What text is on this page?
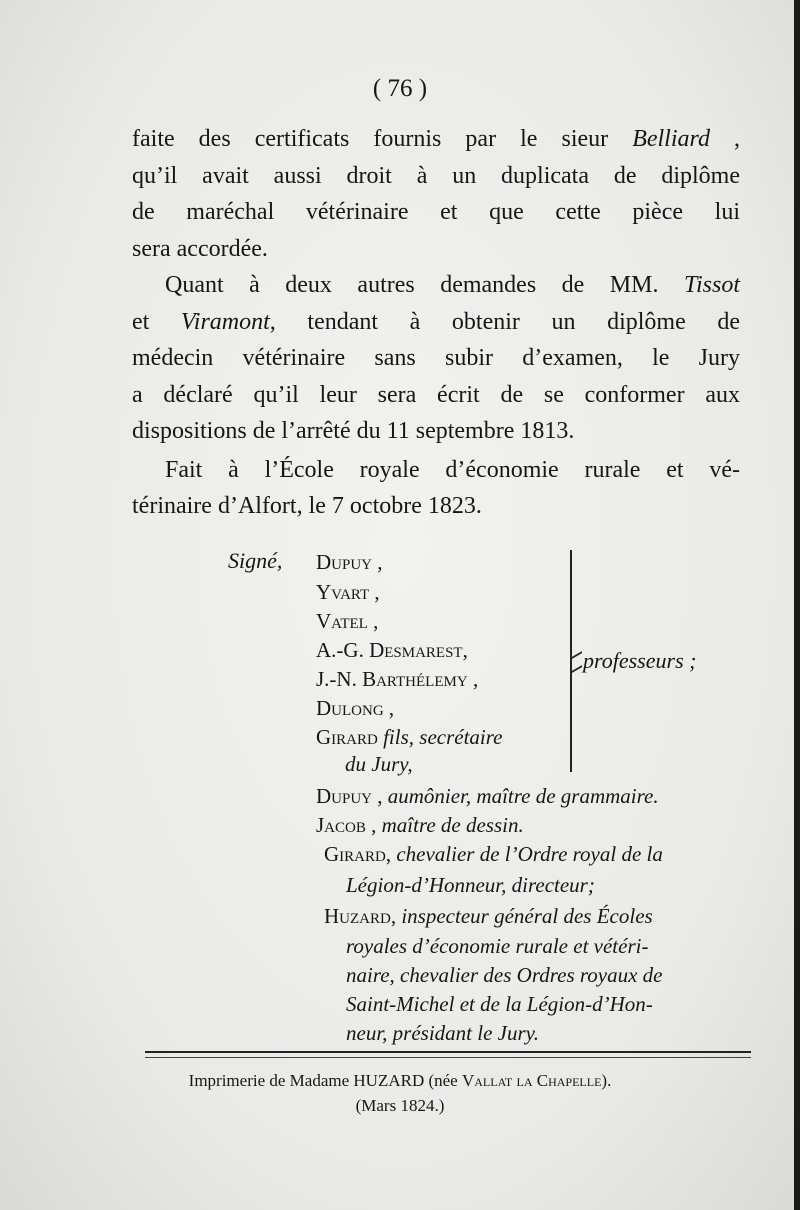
( 76 )

faite des certificats fournis par le sieur Belliard ,

qu’il avait aussi droit à un duplicata de diplôme

de maréchal vétérinaire et que cette pièce lui

sera accordée.

Quant à deux autres demandes de MM. Tissot

et Viramont, tendant à obtenir un diplôme de

médecin vétérinaire sans subir d’examen, le Jury

a déclaré qu’il leur sera écrit de se conformer aux

dispositions de l’arrêté du 11 septembre 1813.

Fait à l’École royale d’économie rurale et vé-

térinaire d’Alfort, le 7 octobre 1823.

Signé, Dupuy ,
Yvart ,
Vatel ,
A.-G. Desmarest,
J.-N. Barthélemy ,
Dulong ,
Girard fils, secrétaire
du Jury,
professeurs ;
Dupuy , aumônier, maître de grammaire.
Jacob , maître de dessin.
Girard, chevalier de l’Ordre royal de la
Légion-d’Honneur, directeur;
Huzard, inspecteur général des Écoles
royales d’économie rurale et vétéri-
naire, chevalier des Ordres royaux de
Saint-Michel et de la Légion-d’Hon-
neur, présidant le Jury.
Imprimerie de Madame HUZARD (née Vallat la Chapelle).
(Mars 1824.)
